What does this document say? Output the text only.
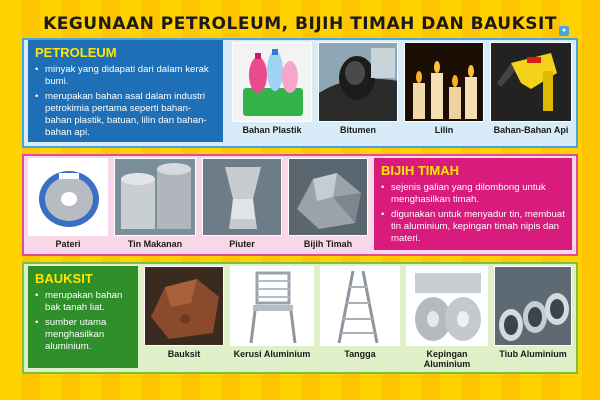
KEGUNAAN PETROLEUM, BIJIH TIMAH DAN BAUKSIT ●
PETROLEUM
• minyak yang didapati dari dalam kerak bumi.
• merupakan bahan asal dalam industri petrokimia pertama seperti bahan-bahan plastik, batuan, lilin dan bahan-bahan api.	Bahan Plastik	Bitumen	Lilin	Bahan-Bahan Api
Pateri	Tin Makanan	Piuter	Bijih Timah
BIJIH TIMAH
• sejenis galian yang dilombong untuk menghasilkan timah.
• digunakan untuk menyadur tin, membuat tin aluminium, kepingan timah nipis dan materi.
BAUKSIT
• merupakan bahan bak tanah liat.
• sumber utama menghasilkan aluminium.
Bauksit	Kerusi Aluminium	Tangga	Kepingan Aluminium
Tiub Aluminium
